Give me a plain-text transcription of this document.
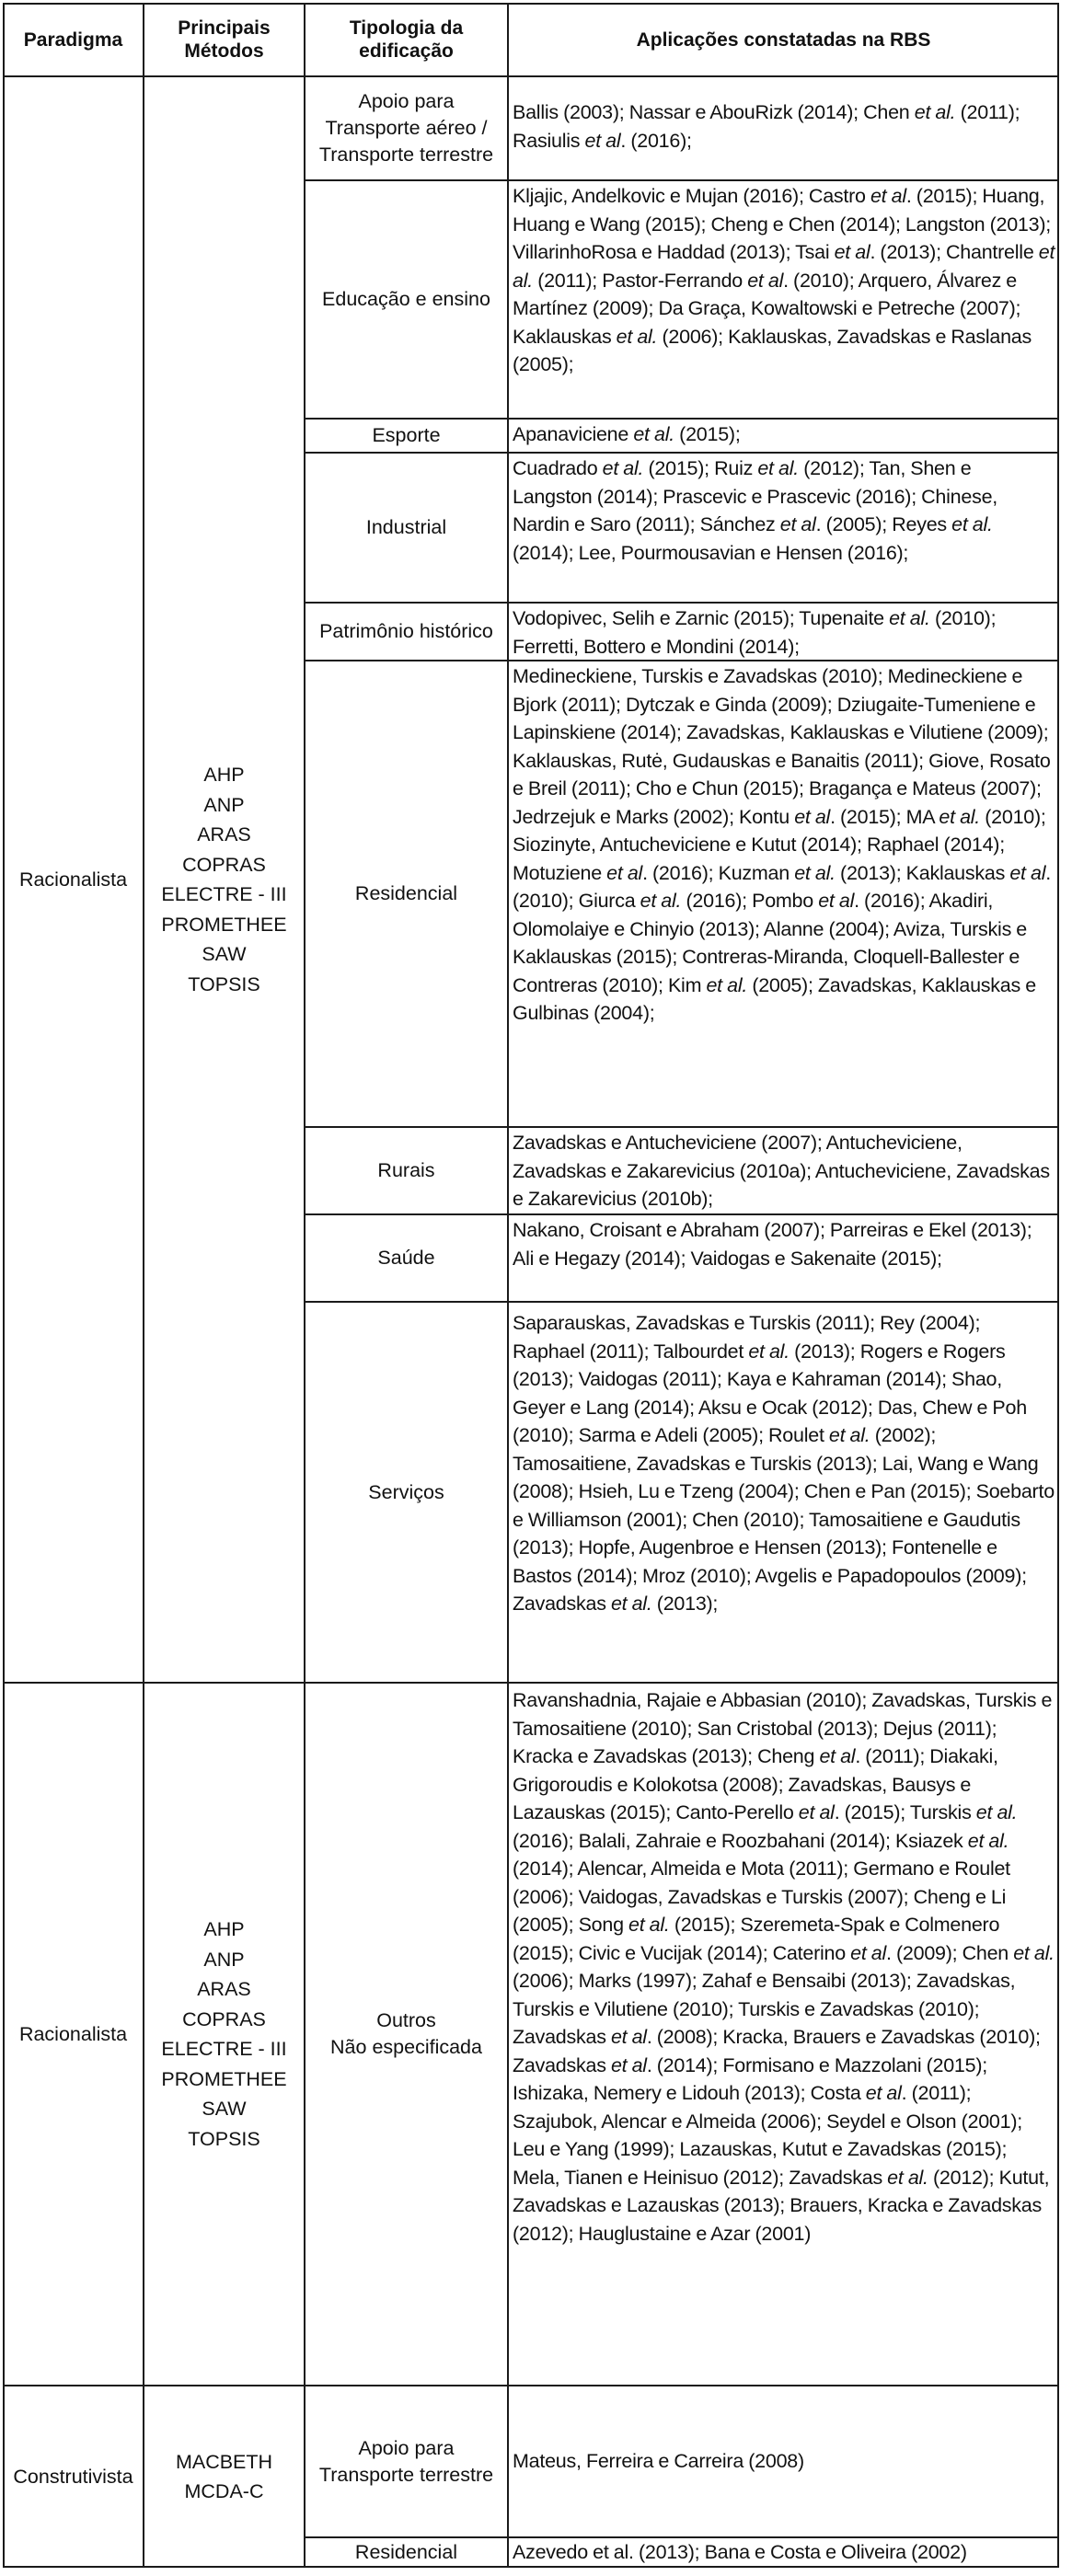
Paradigma
Principais
Métodos
Tipologia da
edificação
Aplicações constatadas na RBS
Racionalista
AHP
ANP
ARAS
COPRAS
ELECTRE - III
PROMETHEE
SAW
TOPSIS
Apoio para
Transporte aéreo /
Transporte terrestre
Ballis (2003); Nassar e AbouRizk (2014); Chen et al. (2011); Rasiulis et al. (2016);
Educação e ensino
Kljajic, Andelkovic e Mujan (2016); Castro et al. (2015); Huang, Huang e Wang (2015); Cheng e Chen (2014); Langston (2013); VillarinhoRosa e Haddad (2013); Tsai et al. (2013); Chantrelle et al. (2011); Pastor-Ferrando et al. (2010); Arquero, Álvarez e Martínez (2009); Da Graça, Kowaltowski e Petreche (2007); Kaklauskas et al. (2006); Kaklauskas, Zavadskas e Raslanas (2005);
Esporte	Apanaviciene et al. (2015);
Industrial
Cuadrado et al. (2015); Ruiz et al. (2012); Tan, Shen e Langston (2014); Prascevic e Prascevic (2016); Chinese, Nardin e Saro (2011); Sánchez et al. (2005); Reyes et al. (2014); Lee, Pourmousavian e Hensen (2016);
Patrimônio histórico
Vodopivec, Selih e Zarnic (2015); Tupenaite et al. (2010); Ferretti, Bottero e Mondini (2014);
Residencial
Medineckiene, Turskis e Zavadskas (2010); Medineckiene e Bjork (2011); Dytczak e Ginda (2009); Dziugaite-Tumeniene e Lapinskiene (2014); Zavadskas, Kaklauskas e Vilutiene (2009); Kaklauskas, Rutė, Gudauskas e Banaitis (2011); Giove, Rosato e Breil (2011); Cho e Chun (2015); Bragança e Mateus (2007); Jedrzejuk e Marks (2002); Kontu et al. (2015); MA et al. (2010); Siozinyte, Antucheviciene e Kutut (2014); Raphael (2014); Motuziene et al. (2016); Kuzman et al. (2013); Kaklauskas et al. (2010); Giurca et al. (2016); Pombo et al. (2016); Akadiri, Olomolaiye e Chinyio (2013); Alanne (2004); Aviza, Turskis e Kaklauskas (2015); Contreras-Miranda, Cloquell-Ballester e Contreras (2010); Kim et al. (2005); Zavadskas, Kaklauskas e Gulbinas (2004);
Rurais
Zavadskas e Antucheviciene (2007); Antucheviciene, Zavadskas e Zakarevicius (2010a); Antucheviciene, Zavadskas e Zakarevicius (2010b);
Saúde
Nakano, Croisant e Abraham (2007); Parreiras e Ekel (2013); Ali e Hegazy (2014); Vaidogas e Sakenaite (2015);
Serviços
Saparauskas, Zavadskas e Turskis (2011); Rey (2004); Raphael (2011); Talbourdet et al. (2013); Rogers e Rogers (2013); Vaidogas (2011); Kaya e Kahraman (2014); Shao, Geyer e Lang (2014); Aksu e Ocak (2012); Das, Chew e Poh (2010); Sarma e Adeli (2005); Roulet et al. (2002); Tamosaitiene, Zavadskas e Turskis (2013); Lai, Wang e Wang (2008); Hsieh, Lu e Tzeng (2004); Chen e Pan (2015); Soebarto e Williamson (2001); Chen (2010); Tamosaitiene e Gaudutis (2013); Hopfe, Augenbroe e Hensen (2013); Fontenelle e Bastos (2014); Mroz (2010); Avgelis e Papadopoulos (2009); Zavadskas et al. (2013);
Racionalista
AHP
ANP
ARAS
COPRAS
ELECTRE - III
PROMETHEE
SAW
TOPSIS
Outros
Não especificada
Ravanshadnia, Rajaie e Abbasian (2010); Zavadskas, Turskis e Tamosaitiene (2010); San Cristobal (2013); Dejus (2011); Kracka e Zavadskas (2013); Cheng et al. (2011); Diakaki, Grigoroudis e Kolokotsa (2008); Zavadskas, Bausys e Lazauskas (2015); Canto-Perello et al. (2015); Turskis et al. (2016); Balali, Zahraie e Roozbahani (2014); Ksiazek et al. (2014); Alencar, Almeida e Mota (2011); Germano e Roulet (2006); Vaidogas, Zavadskas e Turskis (2007); Cheng e Li (2005); Song et al. (2015); Szeremeta-Spak e Colmenero (2015); Civic e Vucijak (2014); Caterino et al. (2009); Chen et al. (2006); Marks (1997); Zahaf e Bensaibi (2013); Zavadskas, Turskis e Vilutiene (2010); Turskis e Zavadskas (2010); Zavadskas et al. (2008); Kracka, Brauers e Zavadskas (2010); Zavadskas et al. (2014); Formisano e Mazzolani (2015); Ishizaka, Nemery e Lidouh (2013); Costa et al. (2011); Szajubok, Alencar e Almeida (2006); Seydel e Olson (2001); Leu e Yang (1999); Lazauskas, Kutut e Zavadskas (2015); Mela, Tianen e Heinisuo (2012); Zavadskas et al. (2012); Kutut, Zavadskas e Lazauskas (2013); Brauers, Kracka e Zavadskas (2012); Hauglustaine e Azar (2001)
Construtivista
MACBETH
MCDA-C
Apoio para
Transporte terrestre
Mateus, Ferreira e Carreira (2008)
Residencial	Azevedo et al. (2013); Bana e Costa e Oliveira (2002)
